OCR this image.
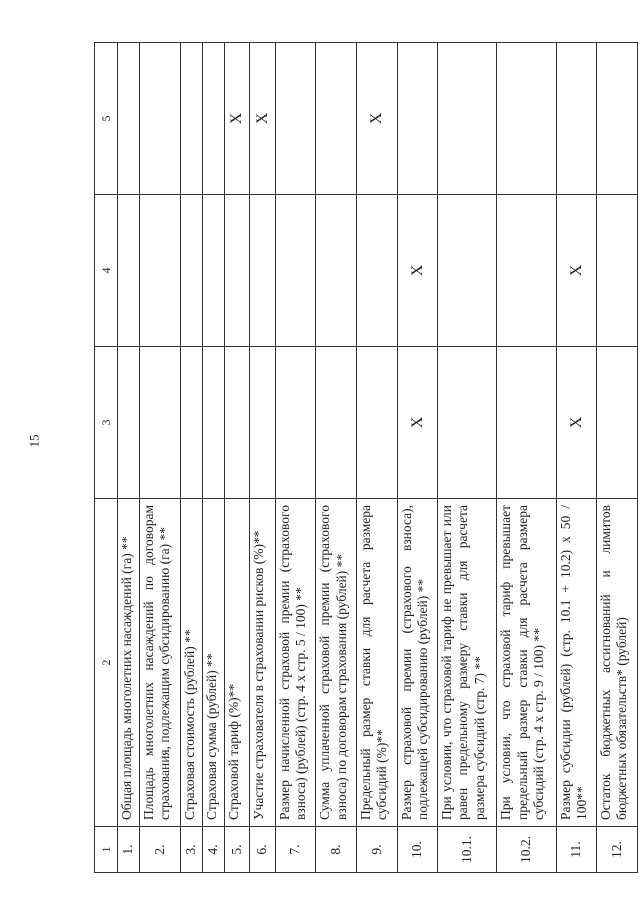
15
1	2	3	4	5
1.	Общая площадь многолетних насаждений (га) **			
2.	Площадь многолетних насаждений по договорам страхования, подлежащим субсидированию (га) **			
3.	Страховая стоимость (рублей) **			
4.	Страховая сумма (рублей) **			
5.	Страховой тариф (%)**			X
6.	Участие страхователя в страховании рисков (%)**			X
7.	Размер начисленной страховой премии (страхового взноса) (рублей) (стр. 4 х стр. 5 / 100) **			
8.	Сумма уплаченной страховой премии (страхового взноса) по договорам страхования (рублей) **			
9.	Предельный размер ставки для расчета размера субсидий (%)**			X
10.	Размер страховой премии (страхового взноса), подлежащей субсидированию (рублей) **	X	X	
10.1.	При условии, что страховой тариф не превышает или равен предельному размеру ставки для расчета размера субсидий (стр. 7) **			
10.2.	При условии, что страховой тариф превышает предельный размер ставки для расчета размера субсидий (стр. 4 х стр. 9 / 100) **			
11.	Размер субсидии (рублей) (стр. 10.1 + 10.2) х 50 / 100**	X	X	
12.	Остаток бюджетных ассигнований и лимитов бюджетных обязательств* (рублей)			
